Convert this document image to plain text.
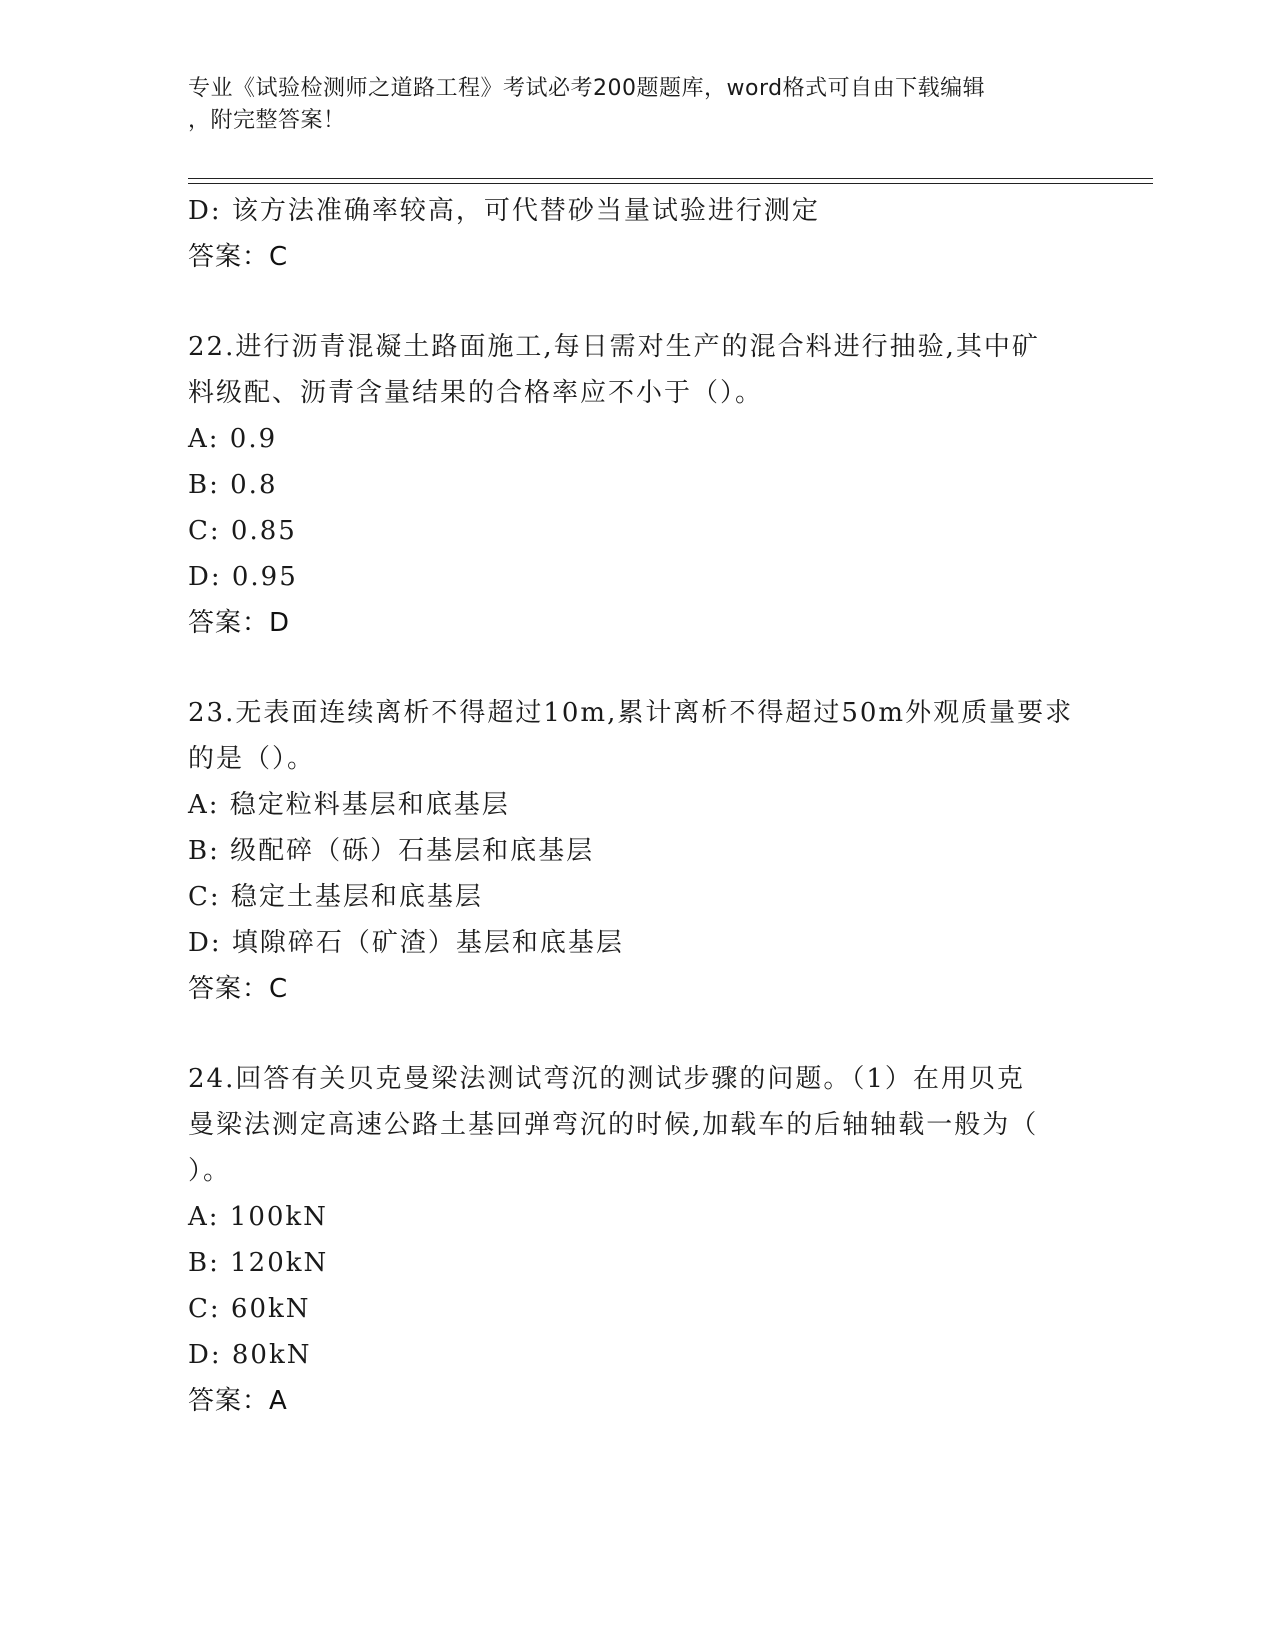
专业《试验检测师之道路工程》考试必考200题题库，word格式可自由下载编辑
，附完整答案！
D: 该方法准确率较高，可代替砂当量试验进行测定
答案：C
22.进行沥青混凝土路面施工,每日需对生产的混合料进行抽验,其中矿
料级配、沥青含量结果的合格率应不小于（）。
A: 0.9
B: 0.8
C: 0.85
D: 0.95
答案：D
23.无表面连续离析不得超过10m,累计离析不得超过50m外观质量要求
的是（）。
A: 稳定粒料基层和底基层
B: 级配碎（砾）石基层和底基层
C: 稳定土基层和底基层
D: 填隙碎石（矿渣）基层和底基层
答案：C
24.回答有关贝克曼梁法测试弯沉的测试步骤的问题。（1）在用贝克
曼梁法测定高速公路土基回弹弯沉的时候,加载车的后轴轴载一般为（
）。
A: 100kN
B: 120kN
C: 60kN
D: 80kN
答案：A
